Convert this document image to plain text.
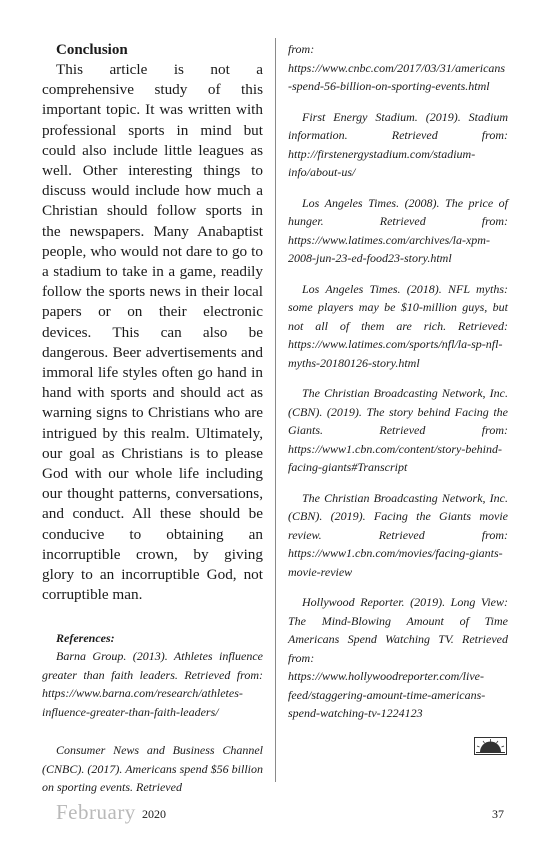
Conclusion

This article is not a comprehensive study of this important topic. It was written with professional sports in mind but could also include little leagues as well. Other interesting things to discuss would include how much a Christian should follow sports in the newspapers. Many Anabaptist people, who would not dare to go to a stadium to take in a game, readily follow the sports news in their local papers or on their electronic devices. This can also be dangerous. Beer advertisements and immoral life styles often go hand in hand with sports and should act as warning signs to Christians who are intrigued by this realm. Ultimately, our goal as Christians is to please God with our whole life including our thought patterns, conversations, and conduct. All these should be conducive to obtaining an incorruptible crown, by giving glory to an incorruptible God, not corruptible man.

References:

Barna Group. (2013). Athletes influence greater than faith leaders. Retrieved from: https://www.barna.com/research/athletes-influence-greater-than-faith-leaders/

Consumer News and Business Channel (CNBC). (2017). Americans spend $56 billion on sporting events. Retrieved

from: https://www.cnbc.com/2017/03/31/americans-spend-56-billion-on-sporting-events.html

First Energy Stadium. (2019). Stadium information. Retrieved from: http://firstenergystadium.com/stadium-info/about-us/

Los Angeles Times. (2008). The price of hunger. Retrieved from: https://www.latimes.com/archives/la-xpm-2008-jun-23-ed-food23-story.html

Los Angeles Times. (2018). NFL myths: some players may be $10-million guys, but not all of them are rich. Retrieved: https://www.latimes.com/sports/nfl/la-sp-nfl-myths-20180126-story.html

The Christian Broadcasting Network, Inc. (CBN). (2019). The story behind Facing the Giants. Retrieved from: https://www1.cbn.com/content/story-behind-facing-giants#Transcript

The Christian Broadcasting Network, Inc. (CBN). (2019). Facing the Giants movie review. Retrieved from: https://www1.cbn.com/movies/facing-giants-movie-review

Hollywood Reporter. (2019). Long View: The Mind-Blowing Amount of Time Americans Spend Watching TV. Retrieved from: https://www.hollywoodreporter.com/live-feed/staggering-amount-time-americans-spend-watching-tv-1224123

February 2020	37
